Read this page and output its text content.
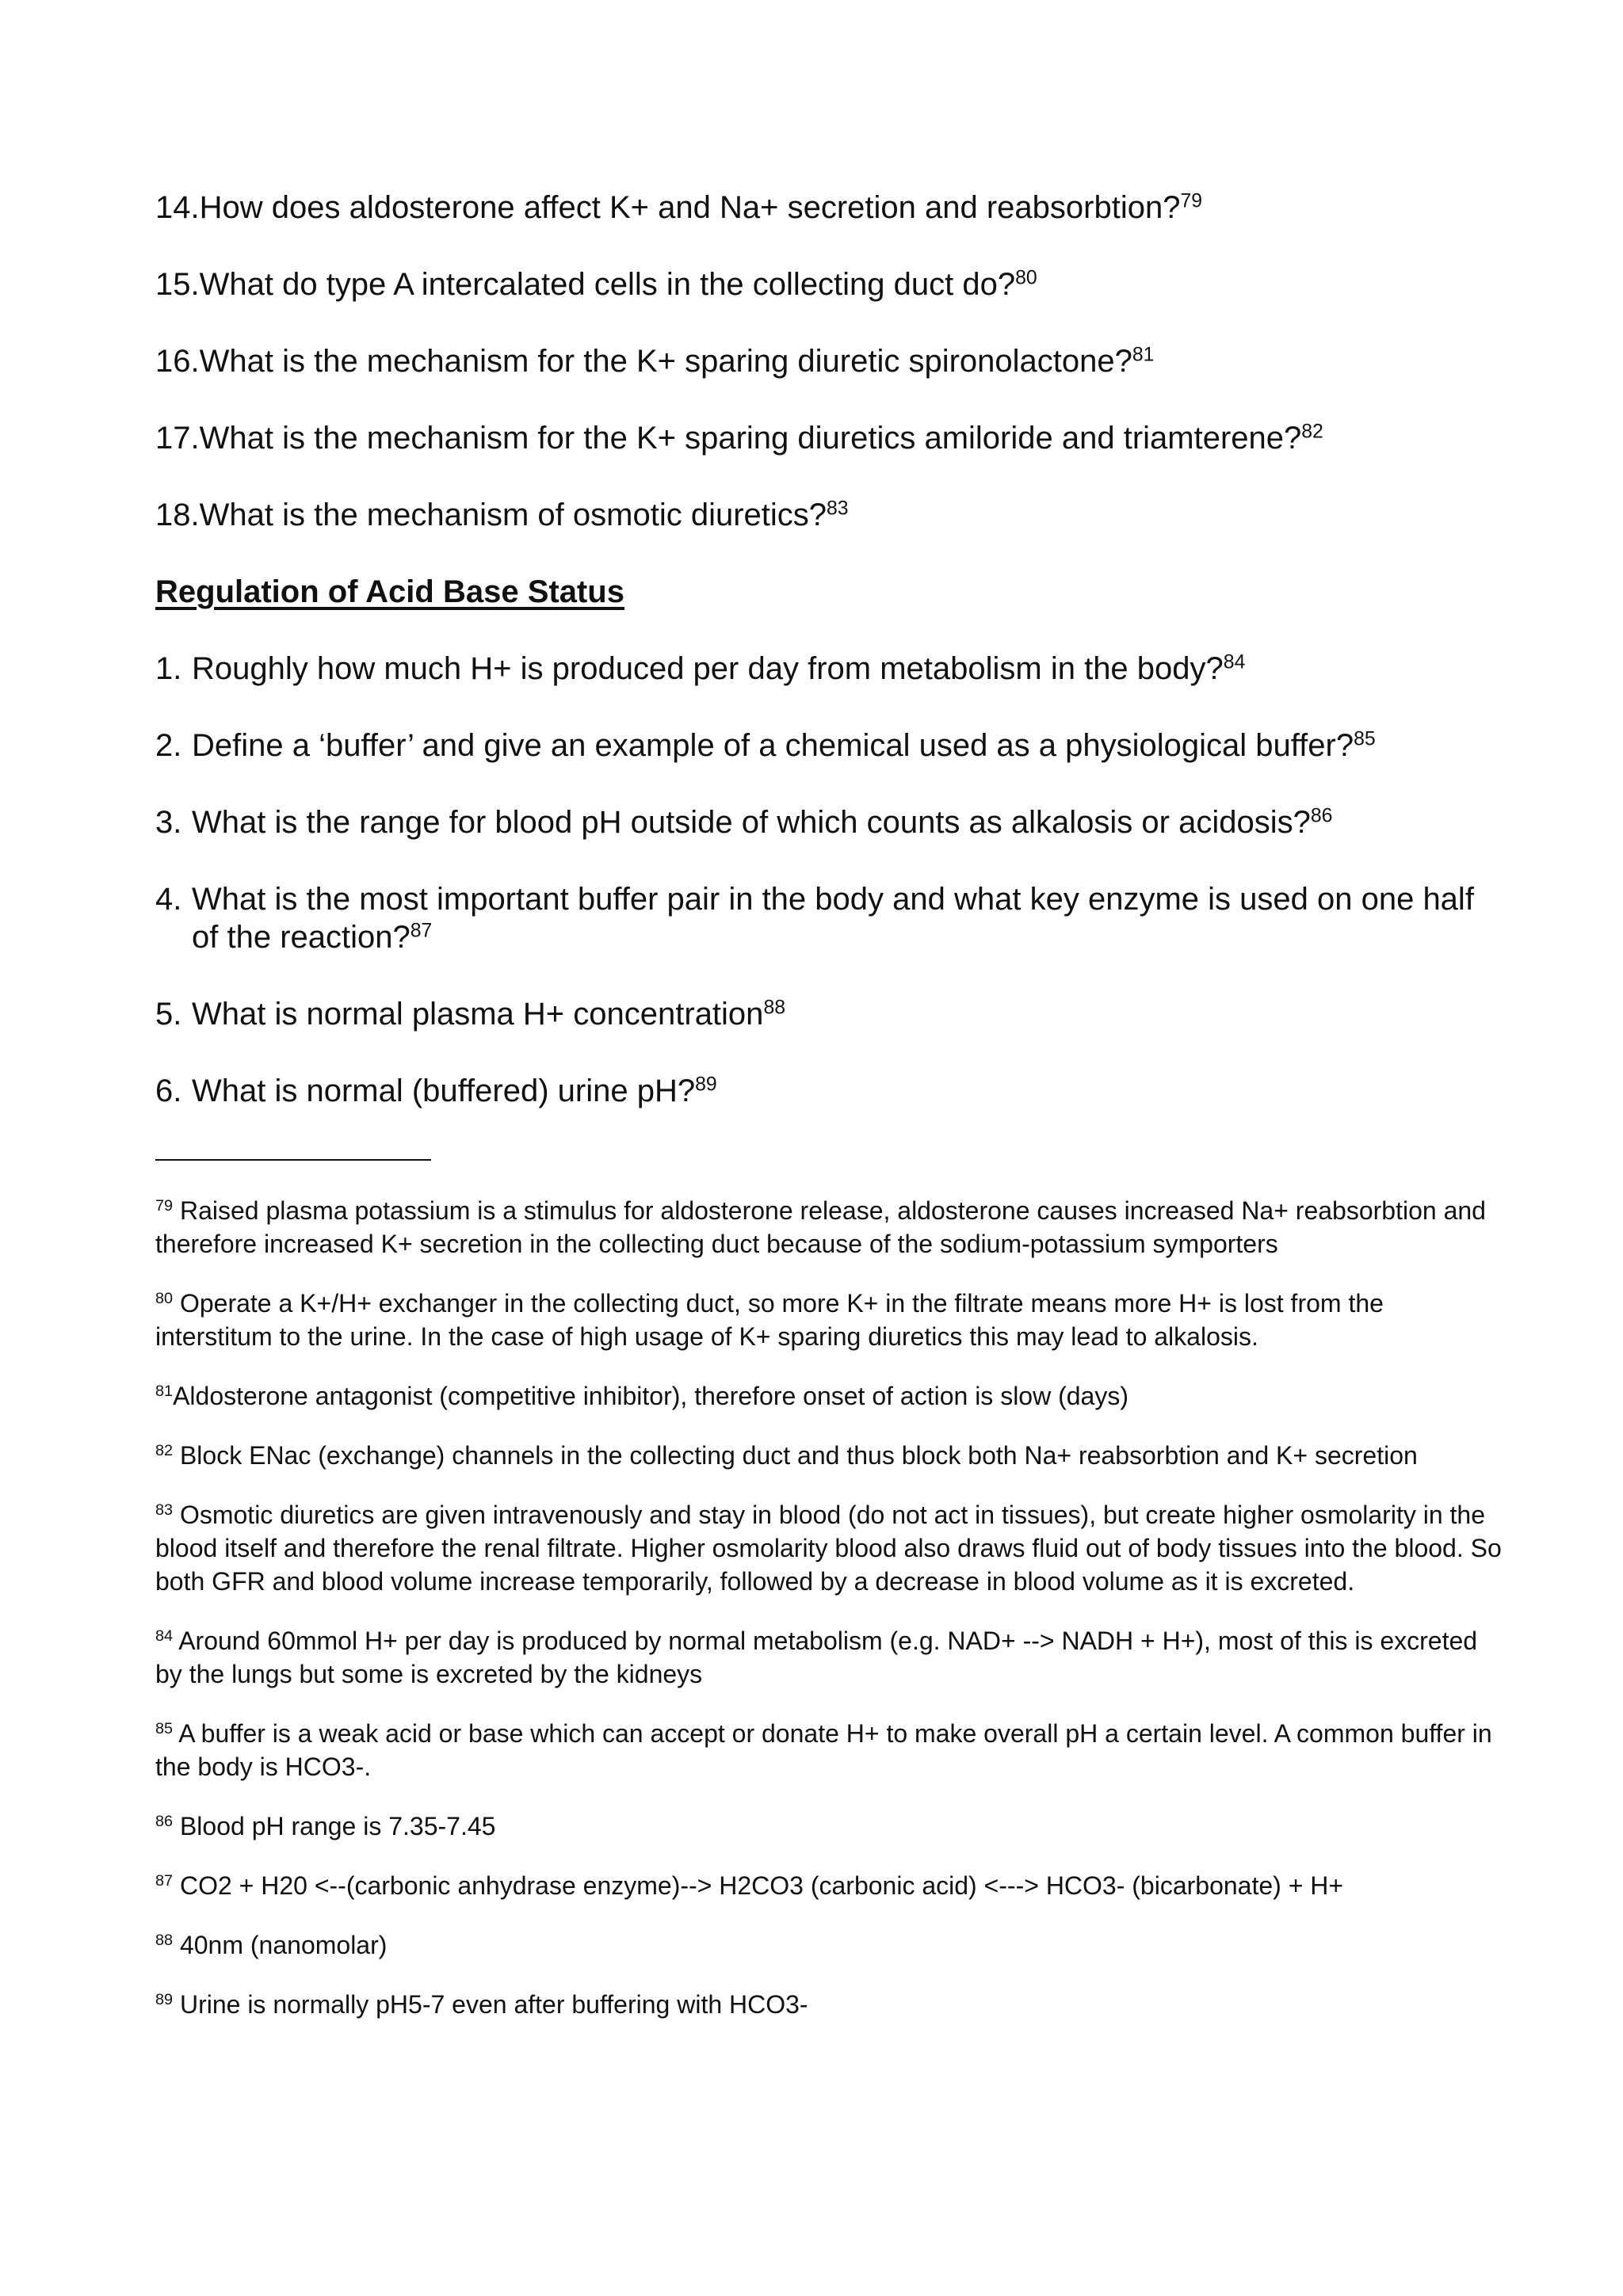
14.How does aldosterone affect K+ and Na+ secretion and reabsorbtion?$^{79}$
15.What do type A intercalated cells in the collecting duct do?$^{80}$
16.What is the mechanism for the K+ sparing diuretic spironolactone?$^{81}$
17.What is the mechanism for the K+ sparing diuretics amiloride and triamterene?$^{82}$
18.What is the mechanism of osmotic diuretics?$^{83}$
Regulation of Acid Base Status
1. Roughly how much H+ is produced per day from metabolism in the body?$^{84}$
2. Define a ‘buffer’ and give an example of a chemical used as a physiological buffer?$^{85}$
3. What is the range for blood pH outside of which counts as alkalosis or acidosis?$^{86}$
4. What is the most important buffer pair in the body and what key enzyme is used on one half of the reaction?$^{87}$
5. What is normal plasma H+ concentration$^{88}$
6. What is normal (buffered) urine pH?$^{89}$
$^{79}$ Raised plasma potassium is a stimulus for aldosterone release, aldosterone causes increased Na+ reabsorbtion and therefore increased K+ secretion in the collecting duct because of the sodium-potassium symporters
$^{80}$ Operate a K+/H+ exchanger in the collecting duct, so more K+ in the filtrate means more H+ is lost from the interstitum to the urine. In the case of high usage of K+ sparing diuretics this may lead to alkalosis.
$^{81}$Aldosterone antagonist (competitive inhibitor), therefore onset of action is slow (days)
$^{82}$ Block ENac (exchange) channels in the collecting duct and thus block both Na+ reabsorbtion and K+ secretion
$^{83}$ Osmotic diuretics are given intravenously and stay in blood (do not act in tissues), but create higher osmolarity in the blood itself and therefore the renal filtrate. Higher osmolarity blood also draws fluid out of body tissues into the blood. So both GFR and blood volume increase temporarily, followed by a decrease in blood volume as it is excreted.
$^{84}$ Around 60mmol H+ per day is produced by normal metabolism (e.g. NAD+ --> NADH + H+), most of this is excreted by the lungs but some is excreted by the kidneys
$^{85}$ A buffer is a weak acid or base which can accept or donate H+ to make overall pH a certain level. A common buffer in the body is HCO3-.
$^{86}$ Blood pH range is 7.35-7.45
$^{87}$ CO2 + H20 <--(carbonic anhydrase enzyme)--> H2CO3 (carbonic acid) <---> HCO3- (bicarbonate) + H+
$^{88}$ 40nm (nanomolar)
$^{89}$ Urine is normally pH5-7 even after buffering with HCO3-
